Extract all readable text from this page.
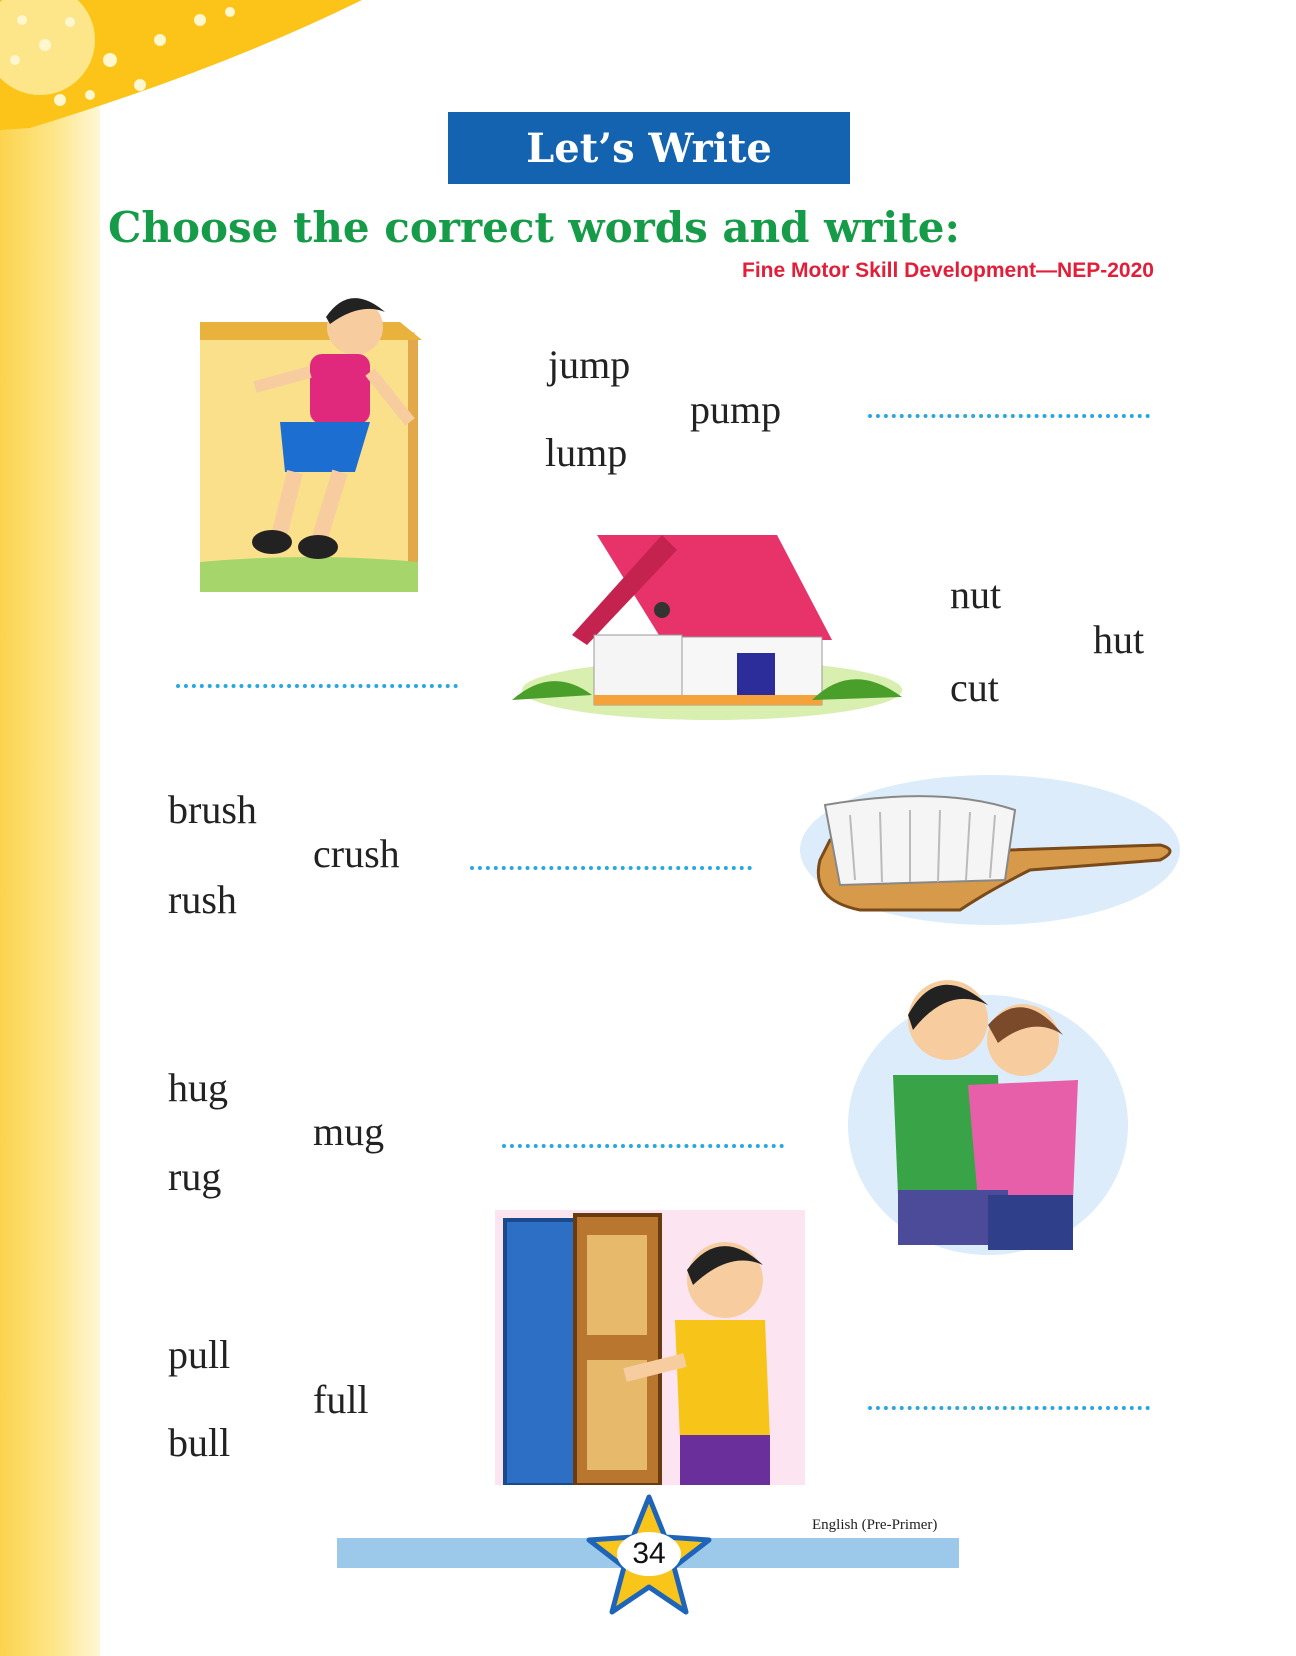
Let’s Write
Choose the correct words and write:
Fine Motor Skill Development—NEP-2020
jump
pump
lump
nut
hut
cut
brush
crush
rush
hug
mug
rug
pull
full
bull
English (Pre-Primer)
34
